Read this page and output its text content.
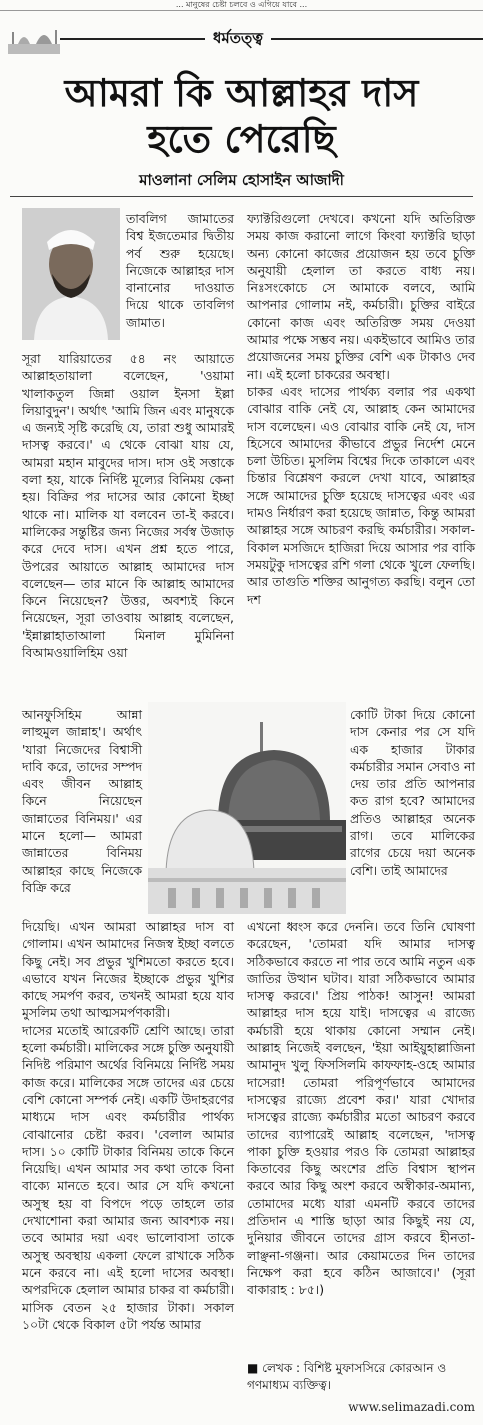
... মানুষের চেষ্টা চলবে ও এগিয়ে যাবে ...
ধর্মতত্ত্ব
আমরা কি আল্লাহর দাস
হতে পেরেছি
মাওলানা সেলিম হোসাইন আজাদী

তাবলিগ জামাতের বিশ্ব ইজতেমার দ্বিতীয় পর্ব শুরু হয়েছে। নিজেকে আল্লাহর দাস বানানোর দাওয়াত দিয়ে থাকে তাবলিগ জামাত।

সূরা যারিয়াতের ৫৪ নং আয়াতে আল্লাহতায়ালা বলেছেন, 'ওয়ামা খালাকতুল জিন্না ওয়াল ইনসা ইল্লা লিয়াবুদুন'। অর্থাৎ 'আমি জিন এবং মানুষকে এ জন্যই সৃষ্টি করেছি যে, তারা শুধু আমারই দাসত্ব করবে।' এ থেকে বোঝা যায় যে, আমরা মহান মাবুদের দাস। দাস ওই সত্তাকে বলা হয়, যাকে নির্দিষ্ট মূল্যের বিনিময় কেনা হয়। বিক্রির পর দাসের আর কোনো ইচ্ছা থাকে না। মালিক যা বলবেন তা-ই করবে। মালিকের সন্তুষ্টির জন্য নিজের সর্বস্ব উজাড় করে দেবে দাস। এখন প্রশ্ন হতে পারে, উপরের আয়াতে আল্লাহ আমাদের দাস বলেছেন— তার মানে কি আল্লাহ আমাদের কিনে নিয়েছেন? উত্তর, অবশ্যই কিনে নিয়েছেন, সূরা তাওবায় আল্লাহ বলেছেন, 'ইন্নাল্লাহাতাআলা মিনাল মুমিনিনা বিআমওয়ালিহিম ওয়া

ফ্যাক্টরিগুলো দেখবে। কখনো যদি অতিরিক্ত সময় কাজ করানো লাগে কিংবা ফ্যাক্টরি ছাড়া অন্য কোনো কাজের প্রয়োজন হয় তবে চুক্তি অনুযায়ী হেলাল তা করতে বাধ্য নয়। নিঃসংকোচে সে আমাকে বলবে, আমি আপনার গোলাম নই, কর্মচারী। চুক্তির বাইরে কোনো কাজ এবং অতিরিক্ত সময় দেওয়া আমার পক্ষে সম্ভব নয়। একইভাবে আমিও তার প্রয়োজনের সময় চুক্তির বেশি এক টাকাও দেব না। এই হলো চাকরের অবস্থা।

চাকর এবং দাসের পার্থক্য বলার পর একথা বোঝার বাকি নেই যে, আল্লাহ কেন আমাদের দাস বলেছেন। এও বোঝার বাকি নেই যে, দাস হিসেবে আমাদের কীভাবে প্রভুর নির্দেশ মেনে চলা উচিত। মুসলিম বিশ্বের দিকে তাকালে এবং চিন্তার বিশ্লেষণ করলে দেখা যাবে, আল্লাহর সঙ্গে আমাদের চুক্তি হয়েছে দাসত্বের এবং এর দামও নির্ধারণ করা হয়েছে জান্নাত, কিন্তু আমরা আল্লাহর সঙ্গে আচরণ করছি কর্মচারীর। সকাল-বিকাল মসজিদে হাজিরা দিয়ে আসার পর বাকি সময়টুকু দাসত্বের রশি গলা থেকে খুলে ফেলছি। আর তাগুতি শক্তির আনুগত্য করছি। বলুন তো দশ

আনফুসিহিম আন্না লাহুমুল জান্নাহ'। অর্থাৎ 'যারা নিজেদের বিশ্বাসী দাবি করে, তাদের সম্পদ এবং জীবন আল্লাহ কিনে নিয়েছেন জান্নাতের বিনিময়।' এর মানে হলো— আমরা জান্নাতের বিনিময় আল্লাহর কাছে নিজেকে বিক্রি করে

কোটি টাকা দিয়ে কোনো দাস কেনার পর সে যদি এক হাজার টাকার কর্মচারীর সমান সেবাও না দেয় তার প্রতি আপনার কত রাগ হবে? আমাদের প্রতিও আল্লাহর অনেক রাগ। তবে মালিকের রাগের চেয়ে দয়া অনেক বেশি। তাই আমাদের

দিয়েছি। এখন আমরা আল্লাহর দাস বা গোলাম। এখন আমাদের নিজস্ব ইচ্ছা বলতে কিছু নেই। সব প্রভুর খুশিমতো করতে হবে। এভাবে যখন নিজের ইচ্ছাকে প্রভুর খুশির কাছে সমর্পণ করব, তখনই আমরা হয়ে যাব মুসলিম তথা আত্মসমর্পণকারী।

দাসের মতোই আরেকটি শ্রেণি আছে। তারা হলো কর্মচারী। মালিকের সঙ্গে চুক্তি অনুযায়ী নিদিষ্ট পরিমাণ অর্থের বিনিময়ে নির্দিষ্ট সময় কাজ করে। মালিকের সঙ্গে তাদের এর চেয়ে বেশি কোনো সম্পর্ক নেই। একটি উদাহরণের মাধ্যমে দাস এবং কর্মচারীর পার্থক্য বোঝানোর চেষ্টা করব। 'বেলাল আমার দাস। ১০ কোটি টাকার বিনিময় তাকে কিনে নিয়েছি। এখন আমার সব কথা তাকে বিনা বাক্যে মানতে হবে। আর সে যদি কখনো অসুস্থ হয় বা বিপদে পড়ে তাহলে তার দেখাশোনা করা আমার জন্য আবশ্যক নয়। তবে আমার দয়া এবং ভালোবাসা তাকে অসুস্থ অবস্থায় একলা ফেলে রাখাকে সঠিক মনে করবে না। এই হলো দাসের অবস্থা। অপরদিকে হেলাল আমার চাকর বা কর্মচারী। মাসিক বেতন ২৫ হাজার টাকা। সকাল ১০টা থেকে বিকাল ৫টা পর্যন্ত আমার

এখনো ধ্বংস করে দেননি। তবে তিনি ঘোষণা করেছেন, 'তোমরা যদি আমার দাসত্ব সঠিকভাবে করতে না পার তবে আমি নতুন এক জাতির উত্থান ঘটাব। যারা সঠিকভাবে আমার দাসত্ব করবে।' প্রিয় পাঠক! আসুন! আমরা আল্লাহর দাস হয়ে যাই। দাসত্বের এ রাজ্যে কর্মচারী হয়ে থাকায় কোনো সম্মান নেই। আল্লাহ নিজেই বলছেন, 'ইয়া আইয়ুহাল্লাজিনা আমানুদ খুলু ফিসসিলমি কাফফাহ-ওহে আমার দাসেরা! তোমরা পরিপূর্ণভাবে আমাদের দাসত্বের রাজ্যে প্রবেশ কর।' যারা খোদার দাসত্বের রাজ্যে কর্মচারীর মতো আচরণ করবে তাদের ব্যাপারেই আল্লাহ বলেছেন, 'দাসত্ব পাকা চুক্তি হওয়ার পরও কি তোমরা আল্লাহর কিতাবের কিছু অংশের প্রতি বিশ্বাস স্থাপন করবে আর কিছু অংশ করবে অস্বীকার-অমান্য, তোমাদের মধ্যে যারা এমনটি করবে তাদের প্রতিদান এ শাস্তি ছাড়া আর কিছুই নয় যে, দুনিয়ার জীবনে তাদের গ্রাস করবে হীনতা-লাঞ্ছনা-গঞ্জনা। আর কেয়ামতের দিন তাদের নিক্ষেপ করা হবে কঠিন আজাবে।' (সূরা বাকারাহ : ৮৫।)

■ লেখক : বিশিষ্ট মুফাসসিরে কোরআন ও গণমাধ্যম ব্যক্তিত্ব।
www.selimazadi.com
